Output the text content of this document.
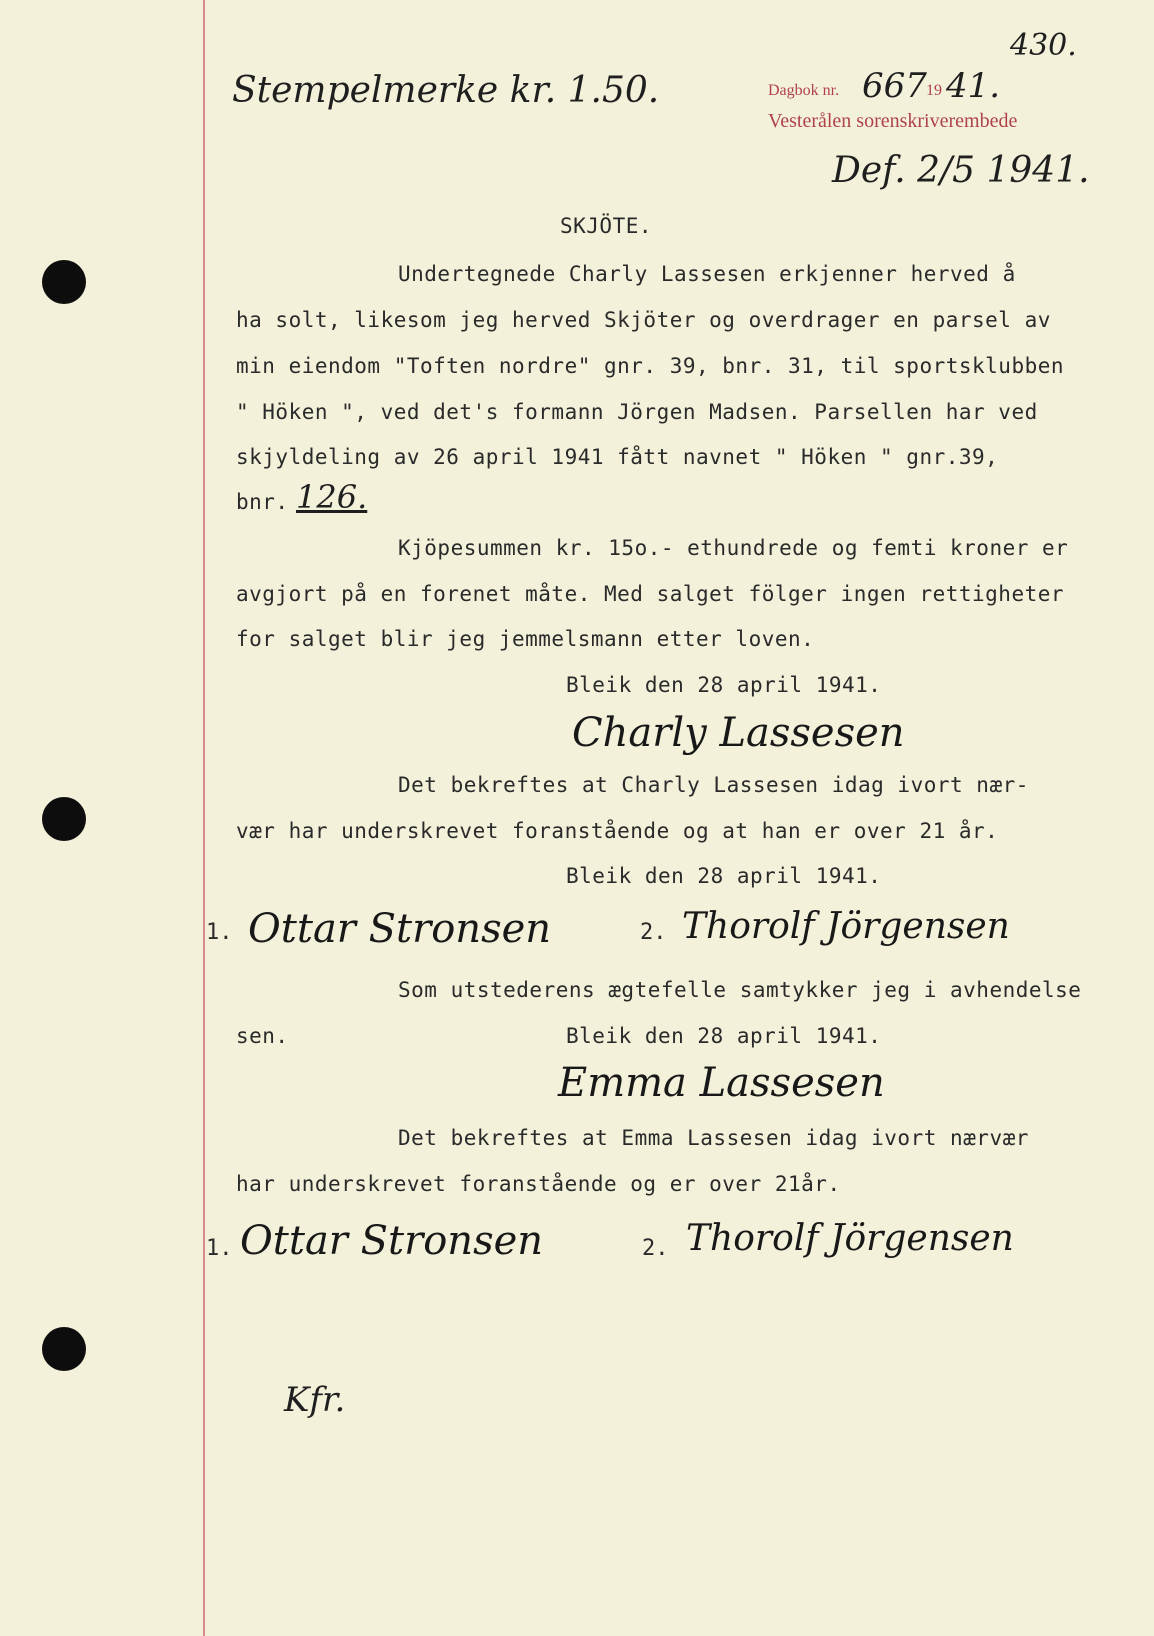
430.
Stempelmerke kr. 1.50.	Dagbok nr. 667 19 41.
Vesterålen sorenskriverembede
Def. 2/5 1941.
SKJÖTE.
Undertegnede Charly Lassesen erkjenner herved å
ha solt, likesom jeg herved Skjöter og overdrager en parsel av
min eiendom "Toften nordre" gnr. 39, bnr. 31, til sportsklubben
" Höken ", ved det's formann Jörgen Madsen. Parsellen har ved
skjyldeling av 26 april 1941 fått navnet " Höken " gnr.39,
bnr. 126.
Kjöpesummen kr. 15o.- ethundrede og femti kroner er
avgjort på en forenet måte. Med salget fölger ingen rettigheter
for salget blir jeg jemmelsmann etter loven.
Bleik den 28 april 1941.
Charly Lassesen
Det bekreftes at Charly Lassesen idag ivort nær-
vær har underskrevet foranstående og at han er over 21 år.
Bleik den 28 april 1941.
1. Ottar Stronsen	2. Thorolf Jörgensen
Som utstederens ægtefelle samtykker jeg i avhendelse
sen.	Bleik den 28 april 1941.
Emma Lassesen
Det bekreftes at Emma Lassesen idag ivort nærvær
har underskrevet foranstående og er over 21år.
1. Ottar Stronsen	2. Thorolf Jörgensen
Kfr.
